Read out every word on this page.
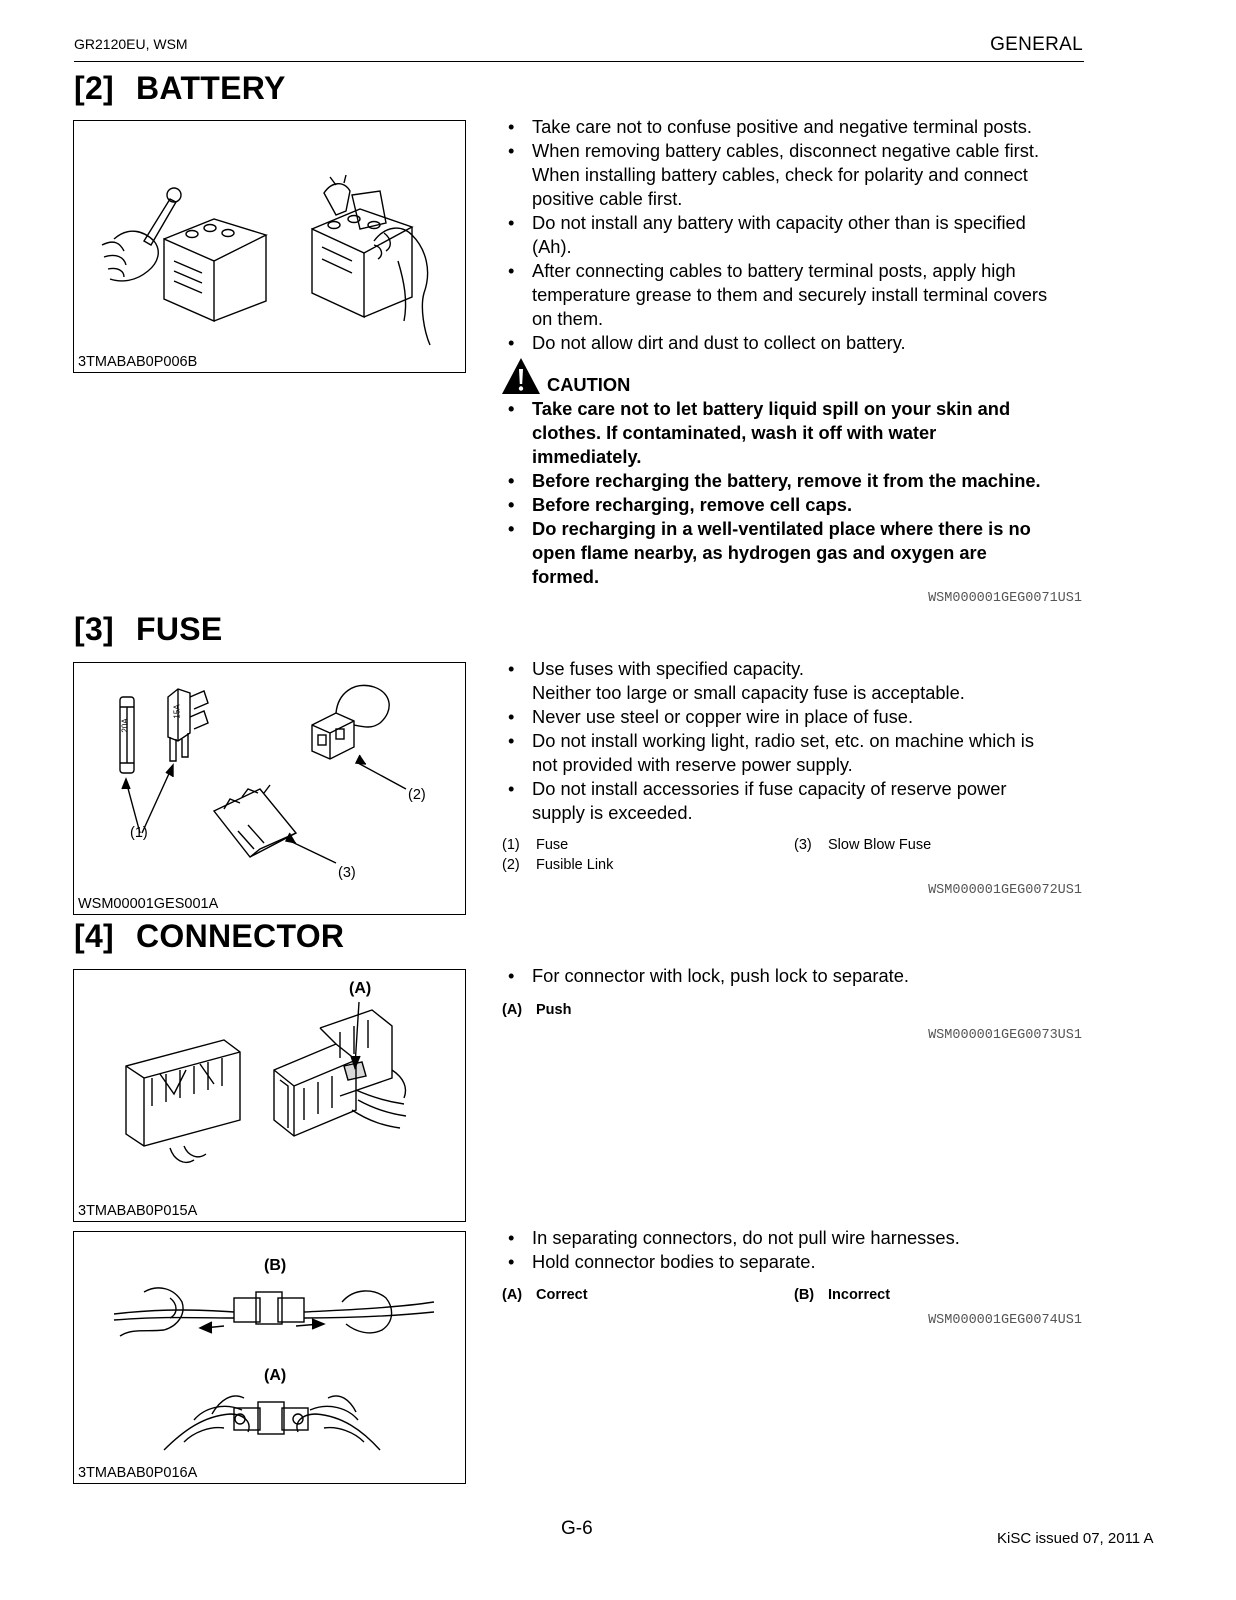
GR2120EU, WSM	GENERAL
[2] BATTERY
3TMABAB0P006B
• Take care not to confuse positive and negative terminal posts.
• When removing battery cables, disconnect negative cable first.
When installing battery cables, check for polarity and connect
positive cable first.
• Do not install any battery with capacity other than is specified
(Ah).
• After connecting cables to battery terminal posts, apply high
temperature grease to them and securely install terminal covers
on them.
• Do not allow dirt and dust to collect on battery.
CAUTION
• Take care not to let battery liquid spill on your skin and
clothes. If contaminated, wash it off with water
immediately.
• Before recharging the battery, remove it from the machine.
• Before recharging, remove cell caps.
• Do recharging in a well-ventilated place where there is no
open flame nearby, as hydrogen gas and oxygen are
formed.
WSM000001GEG0071US1
[3] FUSE
(1)
(2)
(3)
20A
15A
WSM00001GES001A
• Use fuses with specified capacity.
Neither too large or small capacity fuse is acceptable.
• Never use steel or copper wire in place of fuse.
• Do not install working light, radio set, etc. on machine which is
not provided with reserve power supply.
• Do not install accessories if fuse capacity of reserve power
supply is exceeded.
(1) Fuse
(2) Fusible Link
(3) Slow Blow Fuse
WSM000001GEG0072US1
[4] CONNECTOR
(A)
3TMABAB0P015A
• For connector with lock, push lock to separate.
(A) Push
WSM000001GEG0073US1
(B)
(A)
3TMABAB0P016A
• In separating connectors, do not pull wire harnesses.
• Hold connector bodies to separate.
(A) Correct	(B) Incorrect
WSM000001GEG0074US1
G-6	KiSC issued 07, 2011 A
